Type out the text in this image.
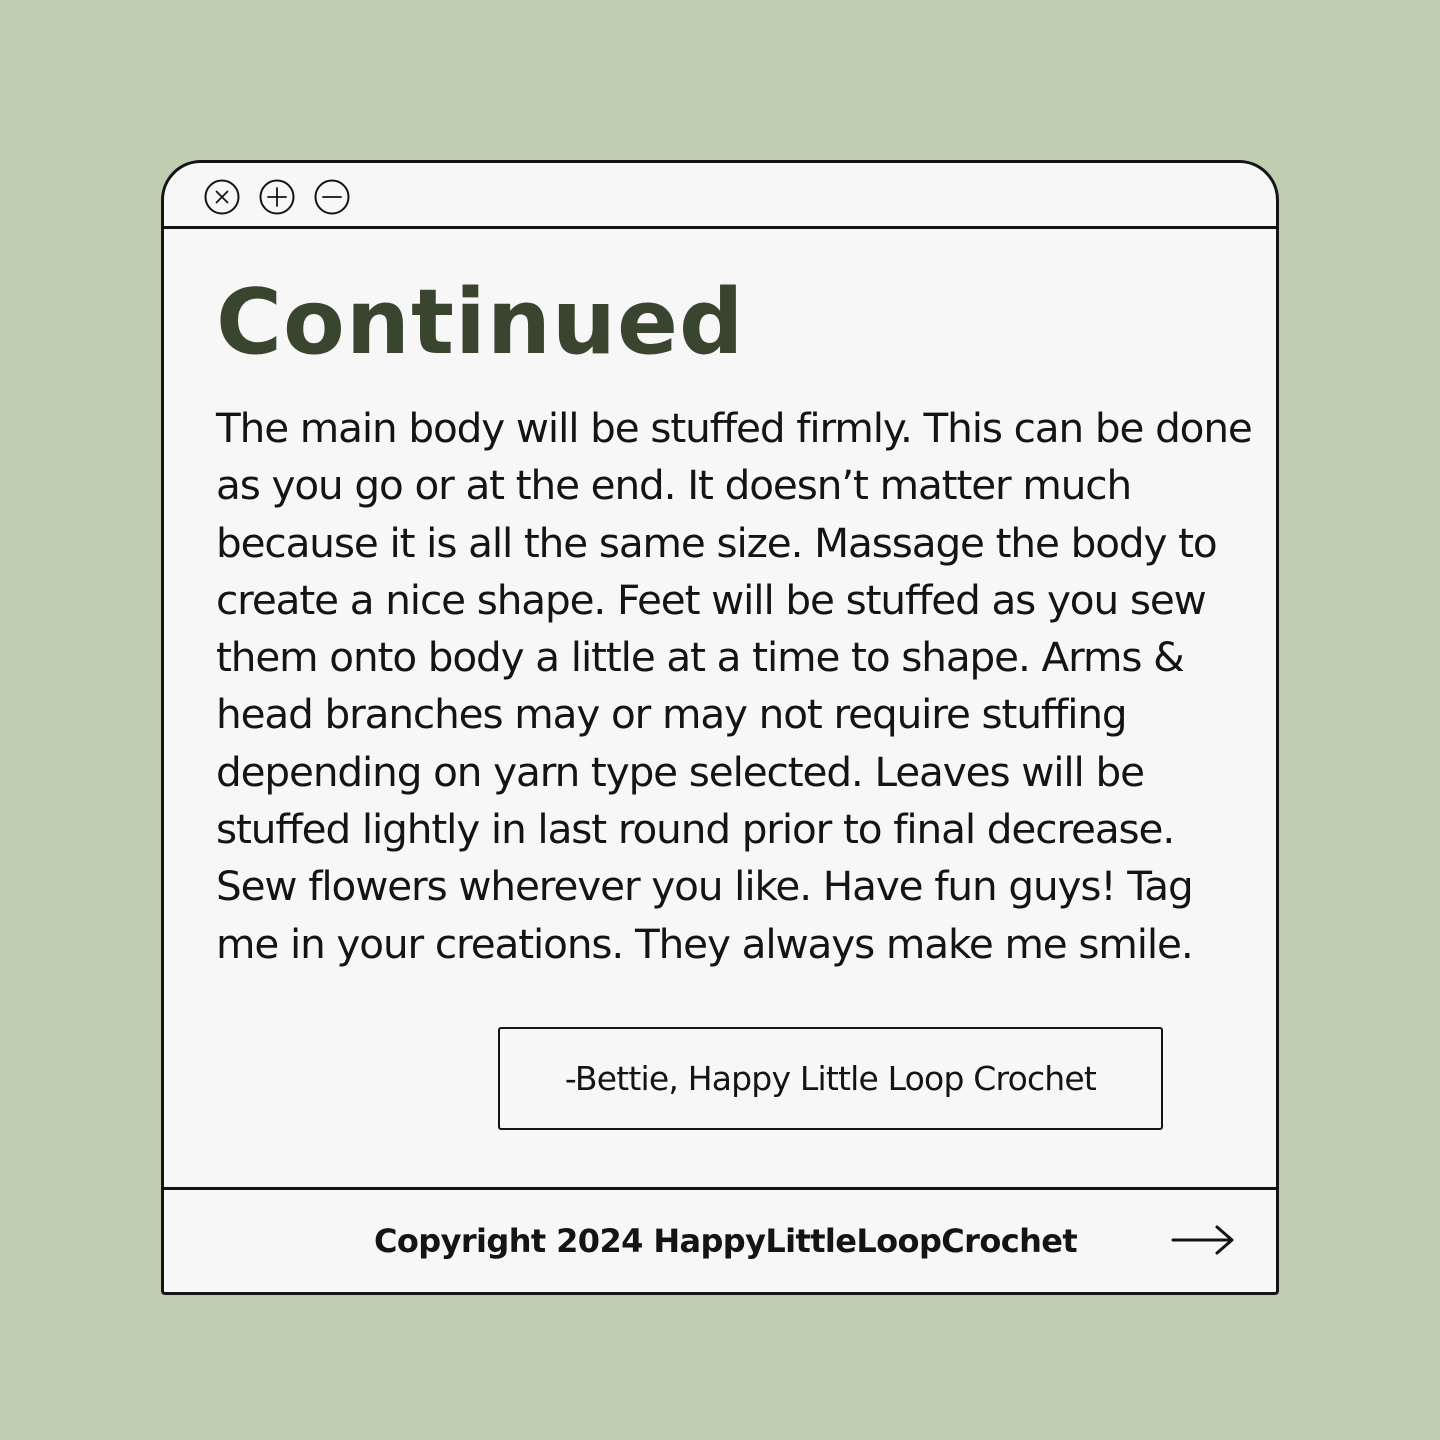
Continued

The main body will be stuffed firmly. This can be done as you go or at the end. It doesn’t matter much because it is all the same size. Massage the body to create a nice shape. Feet will be stuffed as you sew them onto body a little at a time to shape. Arms & head branches may or may not require stuffing depending on yarn type selected. Leaves will be stuffed lightly in last round prior to final decrease. Sew flowers wherever you like. Have fun guys! Tag me in your creations. They always make me smile.

-Bettie, Happy Little Loop Crochet
Copyright 2024 HappyLittleLoopCrochet
